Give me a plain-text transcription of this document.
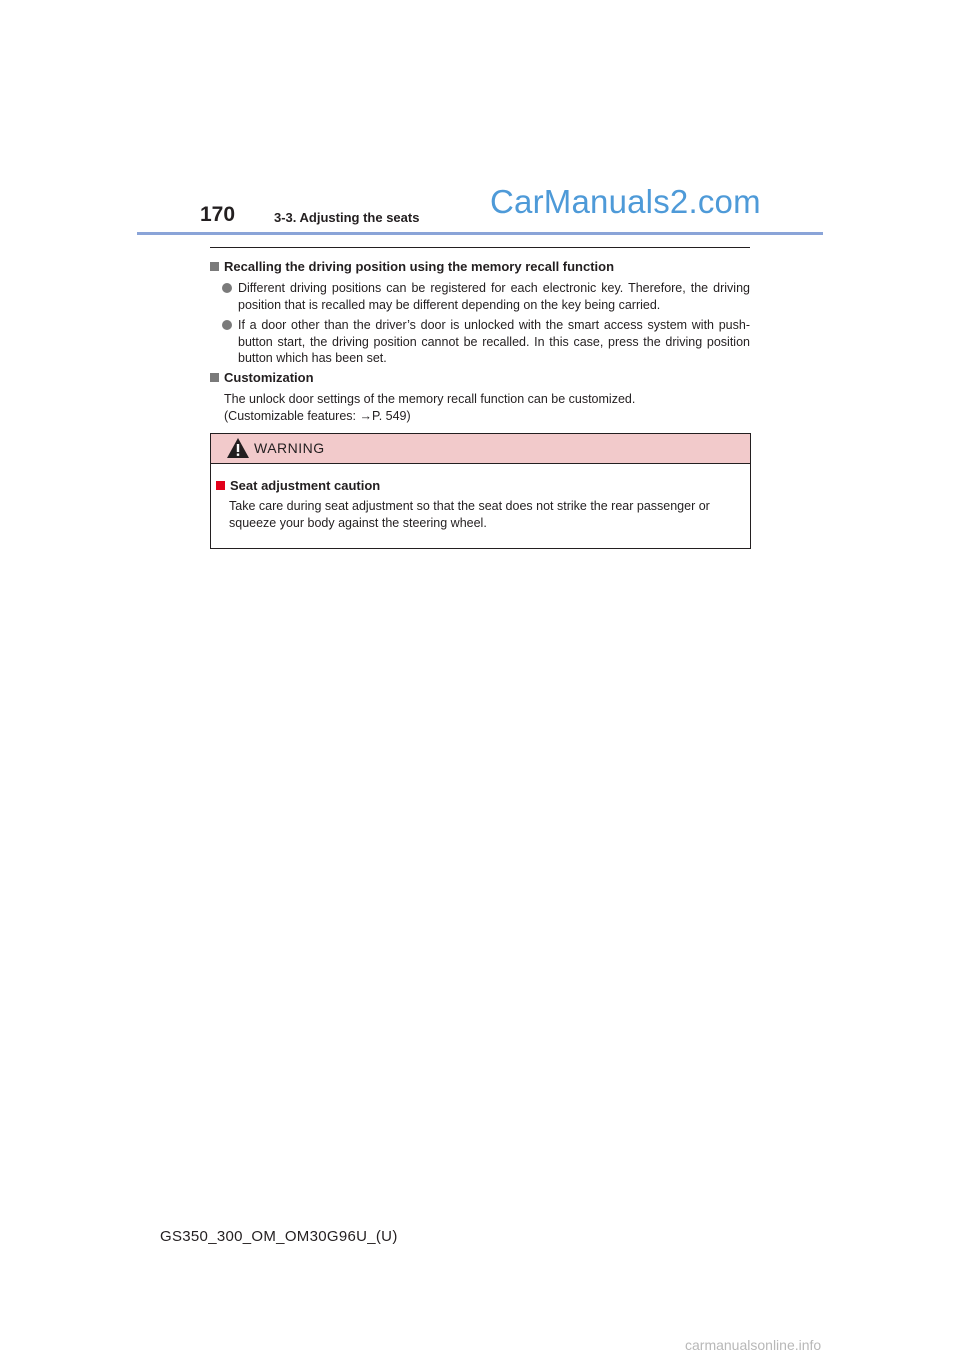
170	3-3. Adjusting the seats CarManuals2.com
Recalling the driving position using the memory recall function
Different driving positions can be registered for each electronic key. Therefore, the driving position that is recalled may be different depending on the key being carried.
If a door other than the driver’s door is unlocked with the smart access system with push-button start, the driving position cannot be recalled. In this case, press the driving position button which has been set.
Customization
The unlock door settings of the memory recall function can be customized.
(Customizable features: →P. 549)
WARNING
Seat adjustment caution
Take care during seat adjustment so that the seat does not strike the rear passenger or squeeze your body against the steering wheel.
GS350_300_OM_OM30G96U_(U)
carmanualsonline.info
